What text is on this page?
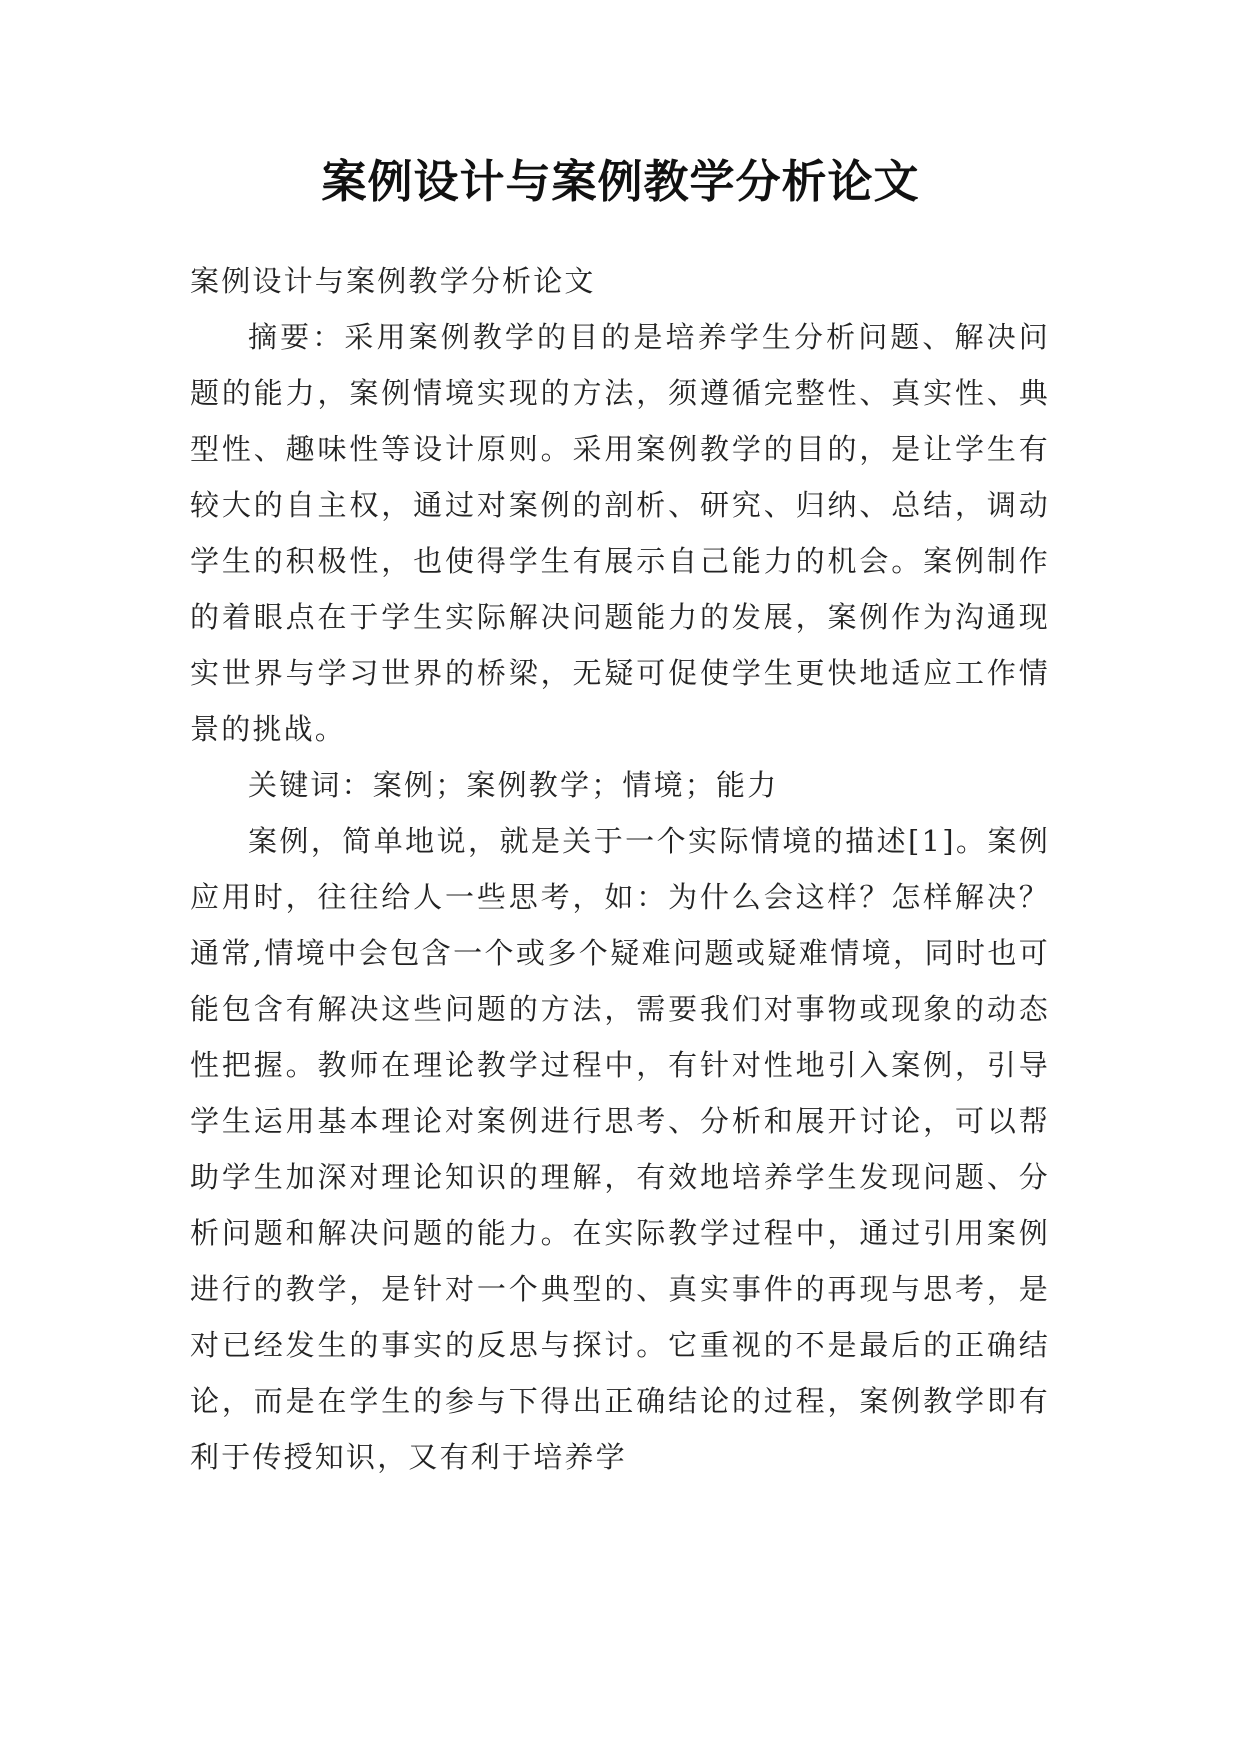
案例设计与案例教学分析论文

案例设计与案例教学分析论文

摘要：采用案例教学的目的是培养学生分析问题、解决问题的能力，案例情境实现的方法，须遵循完整性、真实性、典型性、趣味性等设计原则。采用案例教学的目的，是让学生有较大的自主权，通过对案例的剖析、研究、归纳、总结，调动学生的积极性，也使得学生有展示自己能力的机会。案例制作的着眼点在于学生实际解决问题能力的发展，案例作为沟通现实世界与学习世界的桥梁，无疑可促使学生更快地适应工作情景的挑战。

关键词：案例；案例教学；情境；能力

案例，简单地说，就是关于一个实际情境的描述[1]。案例应用时，往往给人一些思考，如：为什么会这样？怎样解决？通常,情境中会包含一个或多个疑难问题或疑难情境，同时也可能包含有解决这些问题的方法，需要我们对事物或现象的动态性把握。教师在理论教学过程中，有针对性地引入案例，引导学生运用基本理论对案例进行思考、分析和展开讨论，可以帮助学生加深对理论知识的理解，有效地培养学生发现问题、分析问题和解决问题的能力。在实际教学过程中，通过引用案例进行的教学，是针对一个典型的、真实事件的再现与思考，是对已经发生的事实的反思与探讨。它重视的不是最后的正确结论，而是在学生的参与下得出正确结论的过程，案例教学即有利于传授知识，又有利于培养学
